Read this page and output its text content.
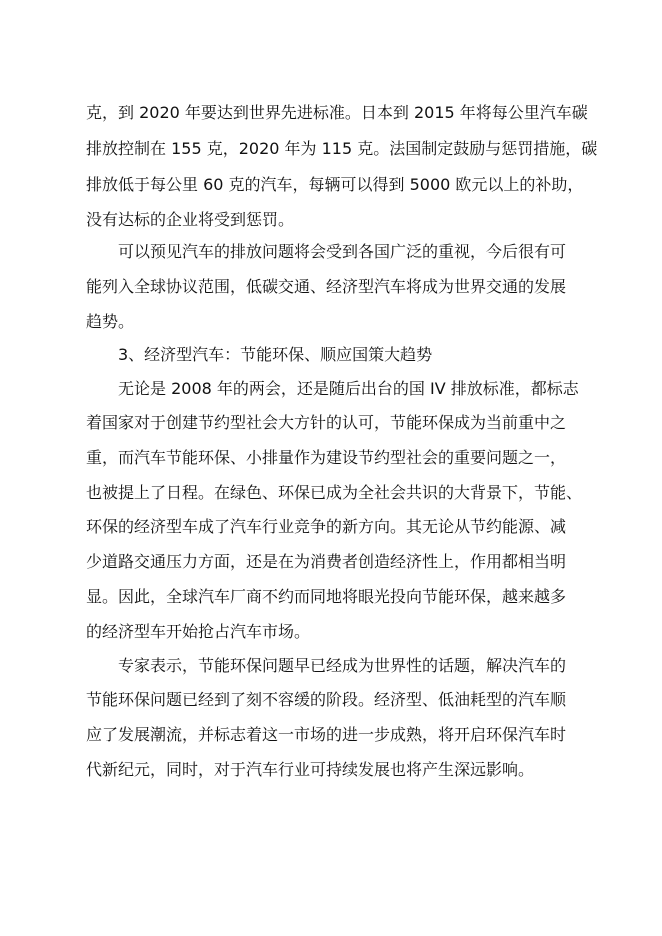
克，到 2020 年要达到世界先进标准。日本到 2015 年将每公里汽车碳
排放控制在 155 克，2020 年为 115 克。法国制定鼓励与惩罚措施，碳
排放低于每公里 60 克的汽车，每辆可以得到 5000 欧元以上的补助，
没有达标的企业将受到惩罚。
可以预见汽车的排放问题将会受到各国广泛的重视，今后很有可
能列入全球协议范围，低碳交通、经济型汽车将成为世界交通的发展
趋势。
3、经济型汽车：节能环保、顺应国策大趋势
无论是 2008 年的两会，还是随后出台的国 IV 排放标准，都标志
着国家对于创建节约型社会大方针的认可，节能环保成为当前重中之
重，而汽车节能环保、小排量作为建设节约型社会的重要问题之一，
也被提上了日程。在绿色、环保已成为全社会共识的大背景下，节能、
环保的经济型车成了汽车行业竞争的新方向。其无论从节约能源、减
少道路交通压力方面，还是在为消费者创造经济性上，作用都相当明
显。因此，全球汽车厂商不约而同地将眼光投向节能环保，越来越多
的经济型车开始抢占汽车市场。
专家表示，节能环保问题早已经成为世界性的话题，解决汽车的
节能环保问题已经到了刻不容缓的阶段。经济型、低油耗型的汽车顺
应了发展潮流，并标志着这一市场的进一步成熟，将开启环保汽车时
代新纪元，同时，对于汽车行业可持续发展也将产生深远影响。
